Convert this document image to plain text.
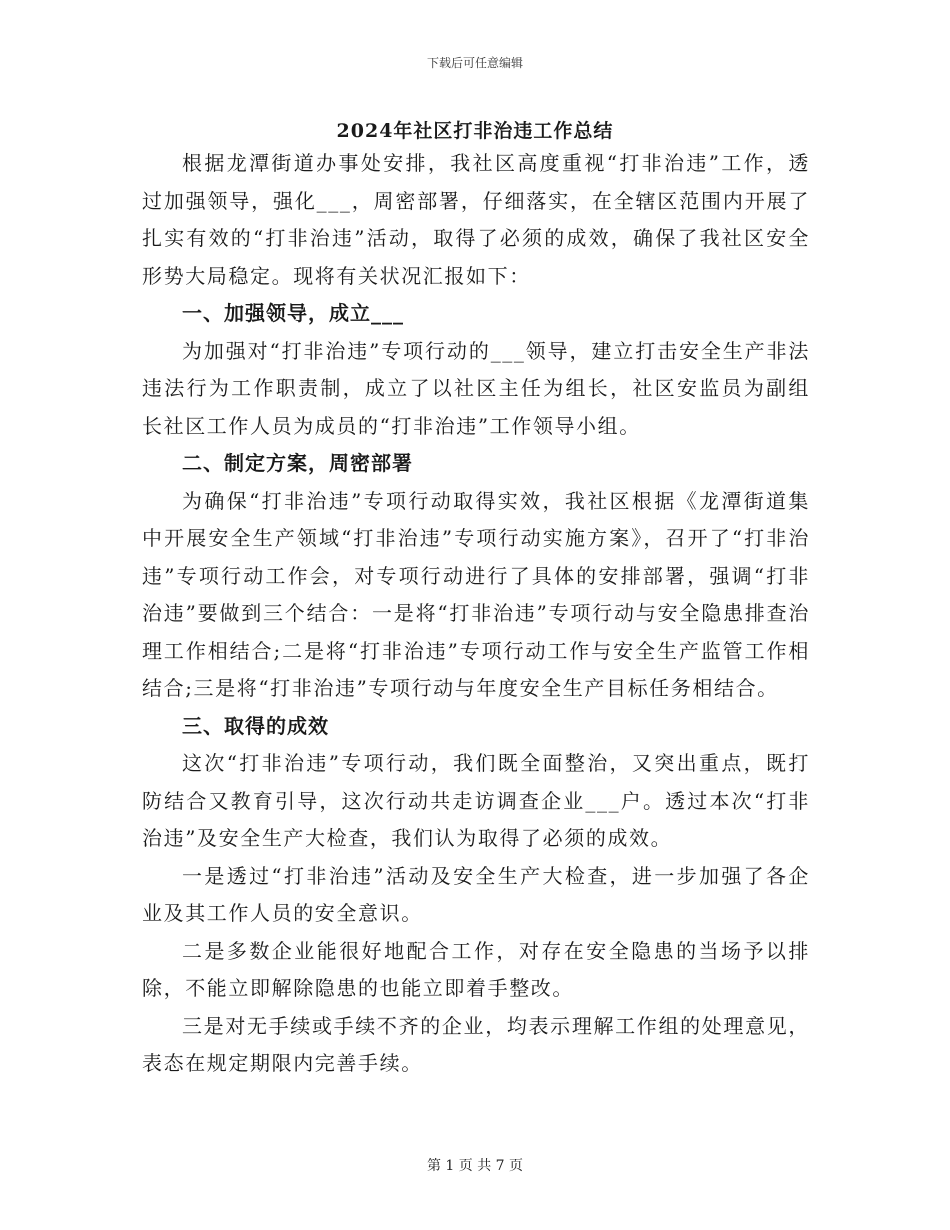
下载后可任意编辑
2024年社区打非治违工作总结

根据龙潭街道办事处安排，我社区高度重视“打非治违”工作，透过加强领导，强化___，周密部署，仔细落实，在全辖区范围内开展了扎实有效的“打非治违”活动，取得了必须的成效，确保了我社区安全形势大局稳定。现将有关状况汇报如下：

一、加强领导，成立___

为加强对“打非治违”专项行动的___领导，建立打击安全生产非法违法行为工作职责制，成立了以社区主任为组长，社区安监员为副组长社区工作人员为成员的“打非治违”工作领导小组。

二、制定方案，周密部署

为确保“打非治违”专项行动取得实效，我社区根据《龙潭街道集中开展安全生产领域“打非治违”专项行动实施方案》，召开了“打非治违”专项行动工作会，对专项行动进行了具体的安排部署，强调“打非治违”要做到三个结合：一是将“打非治违”专项行动与安全隐患排查治理工作相结合;二是将“打非治违”专项行动工作与安全生产监管工作相结合;三是将“打非治违”专项行动与年度安全生产目标任务相结合。

三、取得的成效

这次“打非治违”专项行动，我们既全面整治，又突出重点，既打防结合又教育引导，这次行动共走访调查企业___户。透过本次“打非治违”及安全生产大检查，我们认为取得了必须的成效。

一是透过“打非治违”活动及安全生产大检查，进一步加强了各企业及其工作人员的安全意识。

二是多数企业能很好地配合工作，对存在安全隐患的当场予以排除，不能立即解除隐患的也能立即着手整改。

三是对无手续或手续不齐的企业，均表示理解工作组的处理意见，表态在规定期限内完善手续。

第 1 页 共 7 页
